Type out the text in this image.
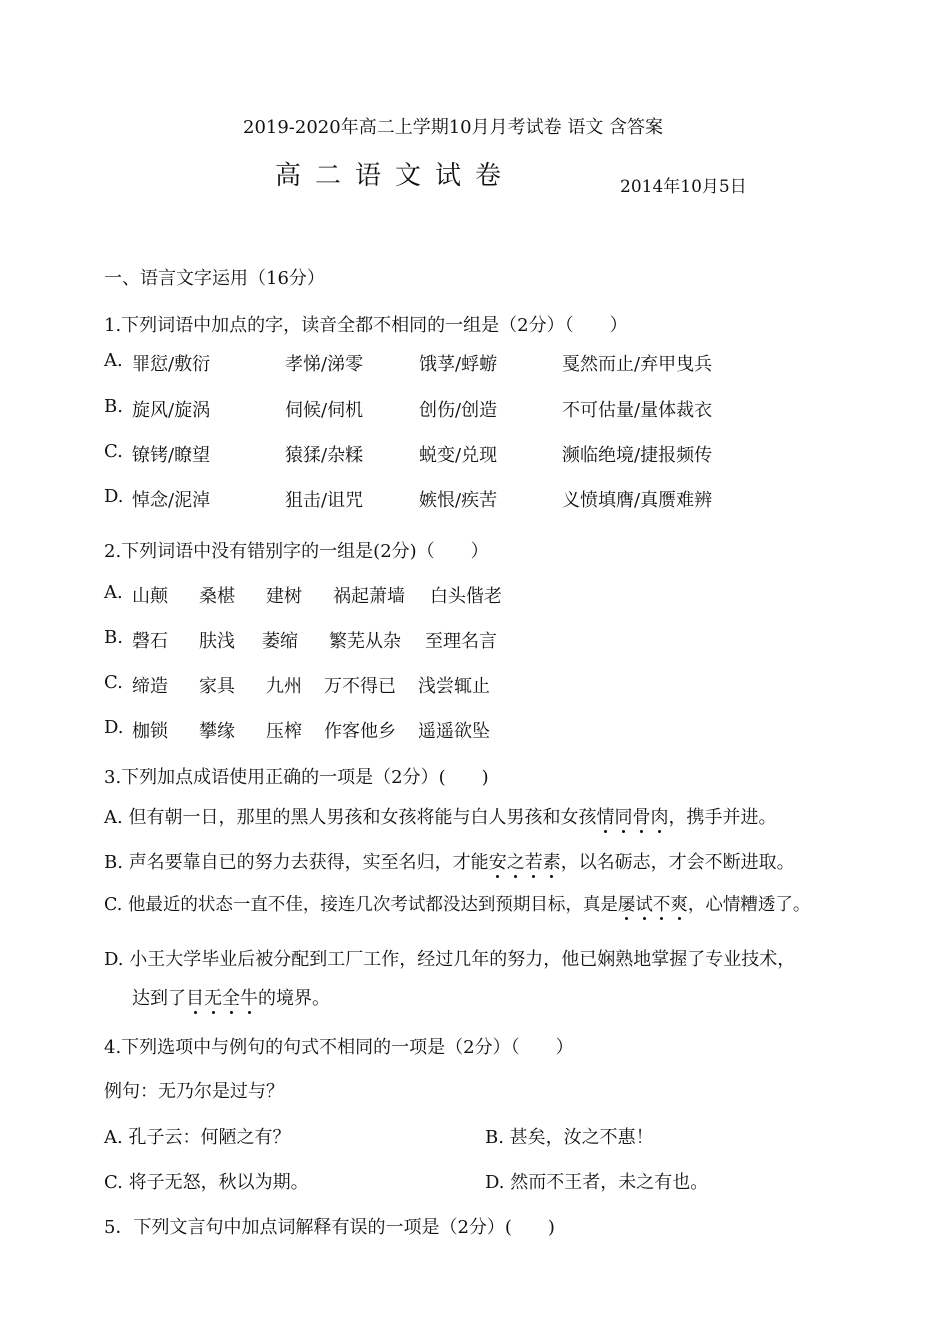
2019-2020年高二上学期10月月考试卷 语文 含答案
高二语文试卷	2014年10月5日
一、语言文字运用（16分）
1.下列词语中加点的字，读音全都不相同的一组是（2分）（　　）
A. 罪愆/敷衍	孝悌/涕零	饿莩/蜉蝣	戛然而止/弃甲曳兵
B. 旋风/旋涡	伺候/伺机	创伤/创造	不可估量/量体裁衣
C. 镣铐/瞭望	猿猱/杂糅	蜕变/兑现	濒临绝境/捷报频传
D. 悼念/泥淖	狙击/诅咒	嫉恨/疾苦	义愤填膺/真赝难辨
2.下列词语中没有错别字的一组是(2分)（　　）
A. 山颠 桑椹 建树 祸起萧墙 白头偕老
B. 磬石 肤浅 萎缩 繁芜从杂 至理名言
C. 缔造 家具 九州 万不得已 浅尝辄止
D. 枷锁 攀缘 压榨 作客他乡 遥遥欲坠
3.下列加点成语使用正确的一项是（2分）(　　)
A. 但有朝一日，那里的黑人男孩和女孩将能与白人男孩和女孩情同骨肉，携手并进。
B. 声名要靠自已的努力去获得，实至名归，才能安之若素，以名砺志，才会不断进取。
C. 他最近的状态一直不佳，接连几次考试都没达到预期目标，真是屡试不爽，心情糟透了。
D. 小王大学毕业后被分配到工厂工作，经过几年的努力，他已娴熟地掌握了专业技术，
达到了目无全牛的境界。
4.下列选项中与例句的句式不相同的一项是（2分）（　　）
例句：无乃尔是过与？
A. 孔子云：何陋之有？	B. 甚矣，汝之不惠！
C. 将子无怒，秋以为期。	D. 然而不王者，未之有也。
5．下列文言句中加点词解释有误的一项是（2分）(　　)
